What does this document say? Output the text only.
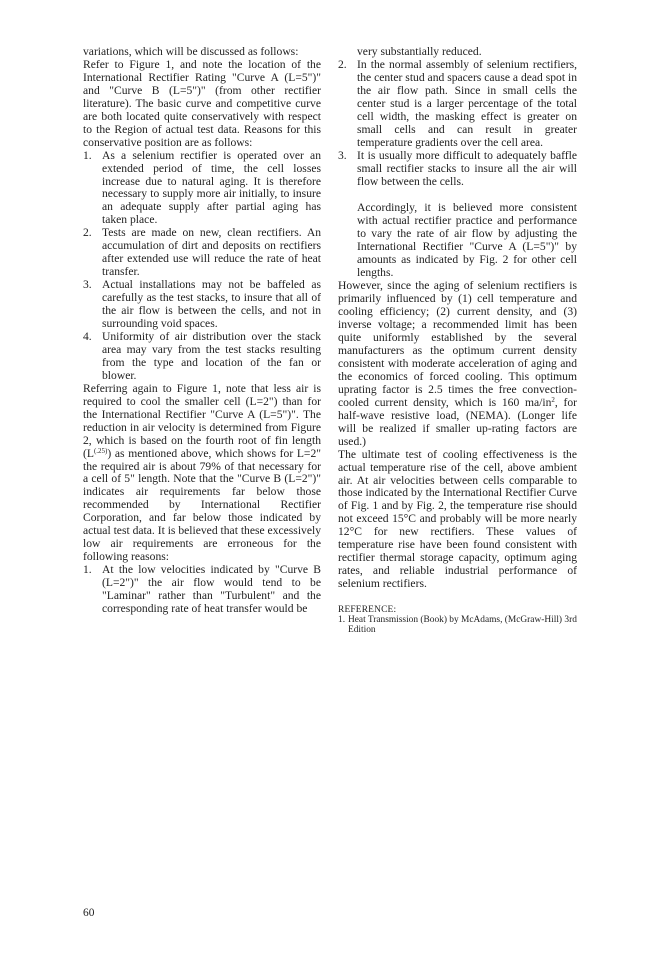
variations, which will be discussed as follows:

Refer to Figure 1, and note the location of the International Rectifier Rating "Curve A (L=5")" and "Curve B (L=5")" (from other rectifier literature). The basic curve and competitive curve are both located quite conservatively with respect to the Region of actual test data. Reasons for this conservative position are as follows:

1. As a selenium rectifier is operated over an extended period of time, the cell losses increase due to natural aging. It is therefore necessary to supply more air initially, to insure an adequate supply after partial aging has taken place.
2. Tests are made on new, clean rectifiers. An accumulation of dirt and deposits on rectifiers after extended use will reduce the rate of heat transfer.
3. Actual installations may not be baffeled as carefully as the test stacks, to insure that all of the air flow is between the cells, and not in surrounding void spaces.
4. Uniformity of air distribution over the stack area may vary from the test stacks resulting from the type and location of the fan or blower.

Referring again to Figure 1, note that less air is required to cool the smaller cell (L=2") than for the International Rectifier "Curve A (L=5")". The reduction in air velocity is determined from Figure 2, which is based on the fourth root of fin length $(L^{(.25)})$ as mentioned above, which shows for L=2" the required air is about 79% of that necessary for a cell of 5" length. Note that the "Curve B (L=2")" indicates air requirements far below those recommended by International Rectifier Corporation, and far below those indicated by actual test data. It is believed that these excessively low air requirements are erroneous for the following reasons:

1. At the low velocities indicated by "Curve B (L=2")" the air flow would tend to be "Laminar" rather than "Turbulent" and the corresponding rate of heat transfer would be

very substantially reduced.

2. In the normal assembly of selenium rectifiers, the center stud and spacers cause a dead spot in the air flow path. Since in small cells the center stud is a larger percentage of the total cell width, the masking effect is greater on small cells and can result in greater temperature gradients over the cell area.
3. It is usually more difficult to adequately baffle small rectifier stacks to insure all the air will flow between the cells.

Accordingly, it is believed more consistent with actual rectifier practice and performance to vary the rate of air flow by adjusting the International Rectifier "Curve A (L=5")" by amounts as indicated by Fig. 2 for other cell lengths.

However, since the aging of selenium rectifiers is primarily influenced by (1) cell temperature and cooling efficiency; (2) current density, and (3) inverse voltage; a recommended limit has been quite uniformly established by the several manufacturers as the optimum current density consistent with moderate acceleration of aging and the economics of forced cooling. This optimum uprating factor is 2.5 times the free convection-cooled current density, which is 160 $ma/in^2$, for half-wave resistive load, (NEMA). (Longer life will be realized if smaller up-rating factors are used.)

The ultimate test of cooling effectiveness is the actual temperature rise of the cell, above ambient air. At air velocities between cells comparable to those indicated by the International Rectifier Curve of Fig. 1 and by Fig. 2, the temperature rise should not exceed 15°C and probably will be more nearly 12°C for new rectifiers. These values of temperature rise have been found consistent with rectifier thermal storage capacity, optimum aging rates, and reliable industrial performance of selenium rectifiers.

REFERENCE:
1. Heat Transmission (Book) by McAdams, (McGraw-Hill) 3rd Edition
60
